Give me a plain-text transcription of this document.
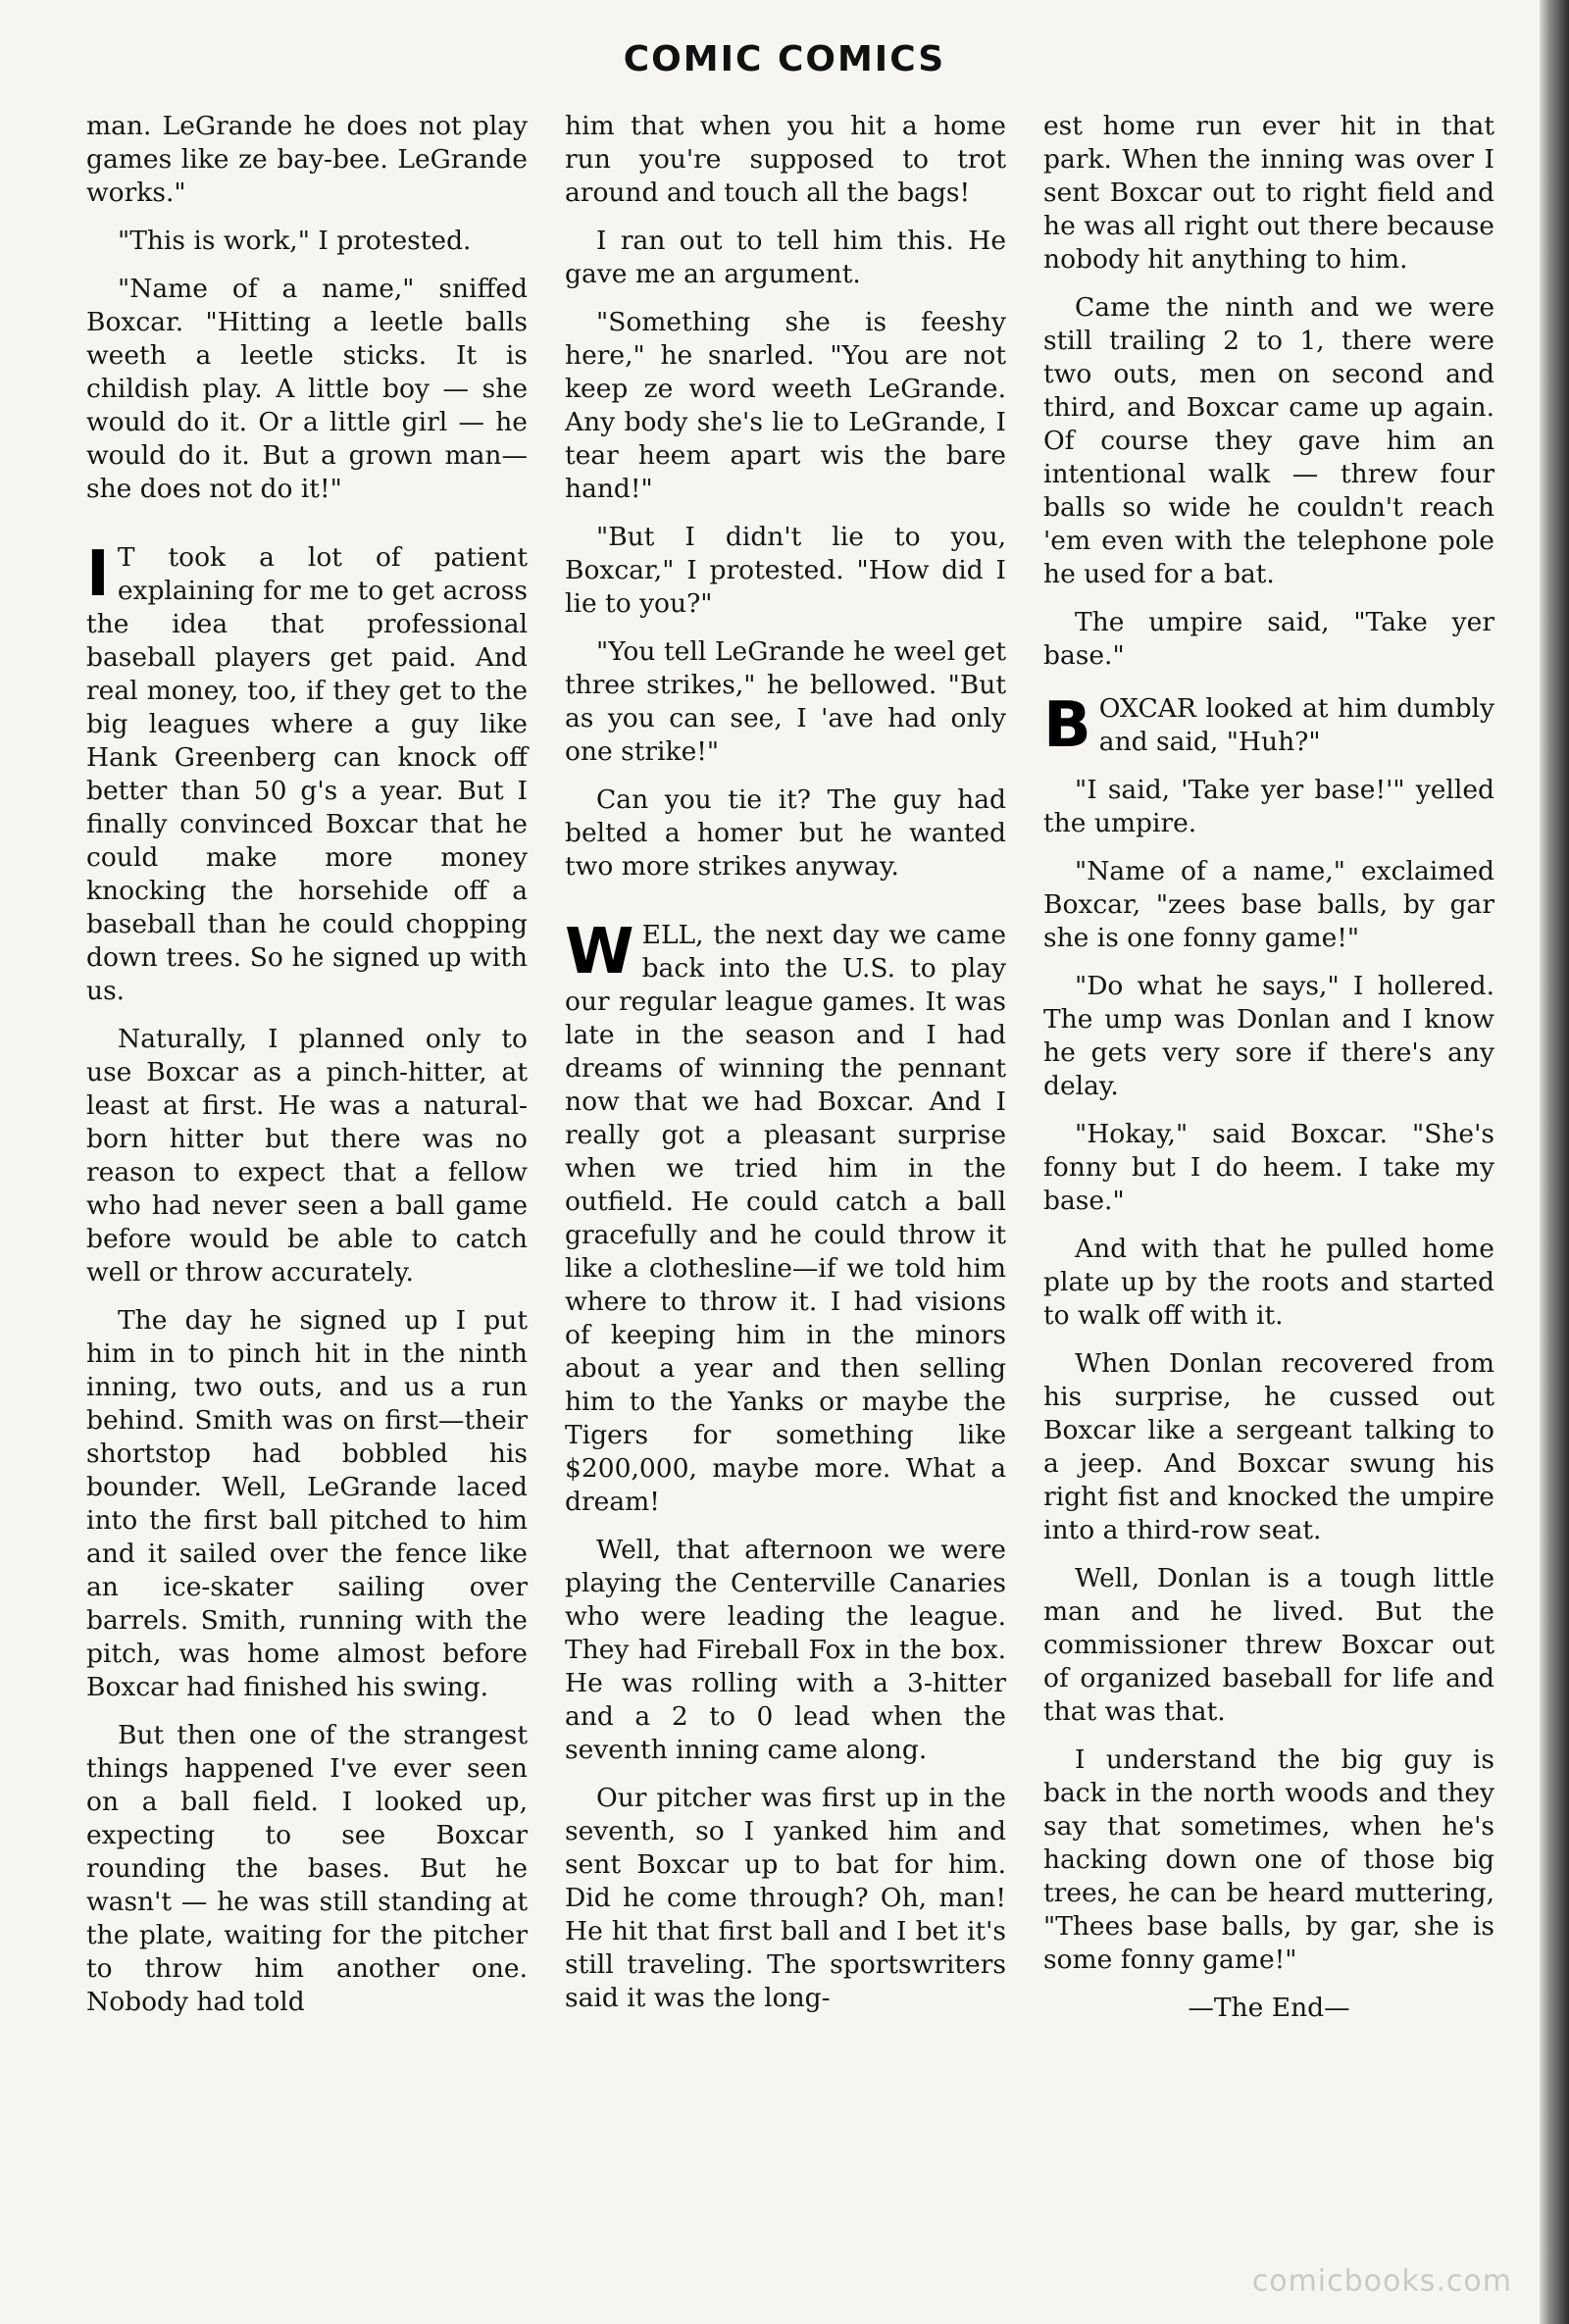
COMIC COMICS

man. LeGrande he does not play games like ze bay-bee. LeGrande works."

"This is work," I protested.

"Name of a name," sniffed Boxcar. "Hitting a leetle balls weeth a leetle sticks. It is childish play. A little boy — she would do it. Or a little girl — he would do it. But a grown man—she does not do it!"

I T took a lot of patient explaining for me to get across the idea that professional baseball players get paid. And real money, too, if they get to the big leagues where a guy like Hank Greenberg can knock off better than 50 g's a year. But I finally convinced Boxcar that he could make more money knocking the horsehide off a baseball than he could chopping down trees. So he signed up with us.

Naturally, I planned only to use Boxcar as a pinch-hitter, at least at first. He was a natural-born hitter but there was no reason to expect that a fellow who had never seen a ball game before would be able to catch well or throw accurately.

The day he signed up I put him in to pinch hit in the ninth inning, two outs, and us a run behind. Smith was on first—their shortstop had bobbled his bounder. Well, LeGrande laced into the first ball pitched to him and it sailed over the fence like an ice-skater sailing over barrels. Smith, running with the pitch, was home almost before Boxcar had finished his swing.

But then one of the strangest things happened I've ever seen on a ball field. I looked up, expecting to see Boxcar rounding the bases. But he wasn't — he was still standing at the plate, waiting for the pitcher to throw him another one. Nobody had told

him that when you hit a home run you're supposed to trot around and touch all the bags!

I ran out to tell him this. He gave me an argument.

"Something she is feeshy here," he snarled. "You are not keep ze word weeth LeGrande. Any body she's lie to LeGrande, I tear heem apart wis the bare hand!"

"But I didn't lie to you, Boxcar," I protested. "How did I lie to you?"

"You tell LeGrande he weel get three strikes," he bellowed. "But as you can see, I 'ave had only one strike!"

Can you tie it? The guy had belted a homer but he wanted two more strikes anyway.

WELL, the next day we came back into the U.S. to play our regular league games. It was late in the season and I had dreams of winning the pennant now that we had Boxcar. And I really got a pleasant surprise when we tried him in the outfield. He could catch a ball gracefully and he could throw it like a clothesline—if we told him where to throw it. I had visions of keeping him in the minors about a year and then selling him to the Yanks or maybe the Tigers for something like $200,000, maybe more. What a dream!

Well, that afternoon we were playing the Centerville Canaries who were leading the league. They had Fireball Fox in the box. He was rolling with a 3-hitter and a 2 to 0 lead when the seventh inning came along.

Our pitcher was first up in the seventh, so I yanked him and sent Boxcar up to bat for him. Did he come through? Oh, man! He hit that first ball and I bet it's still traveling. The sportswriters said it was the long-

est home run ever hit in that park. When the inning was over I sent Boxcar out to right field and he was all right out there because nobody hit anything to him.

Came the ninth and we were still trailing 2 to 1, there were two outs, men on second and third, and Boxcar came up again. Of course they gave him an intentional walk — threw four balls so wide he couldn't reach 'em even with the telephone pole he used for a bat.

The umpire said, "Take yer base."

BOXCAR looked at him dumbly and said, "Huh?"

"I said, 'Take yer base!'" yelled the umpire.

"Name of a name," exclaimed Boxcar, "zees base balls, by gar she is one fonny game!"

"Do what he says," I hollered. The ump was Donlan and I know he gets very sore if there's any delay.

"Hokay," said Boxcar. "She's fonny but I do heem. I take my base."

And with that he pulled home plate up by the roots and started to walk off with it.

When Donlan recovered from his surprise, he cussed out Boxcar like a sergeant talking to a jeep. And Boxcar swung his right fist and knocked the umpire into a third-row seat.

Well, Donlan is a tough little man and he lived. But the commissioner threw Boxcar out of organized baseball for life and that was that.

I understand the big guy is back in the north woods and they say that sometimes, when he's hacking down one of those big trees, he can be heard muttering, "Thees base balls, by gar, she is some fonny game!"

—The End—

comicbooks.com
